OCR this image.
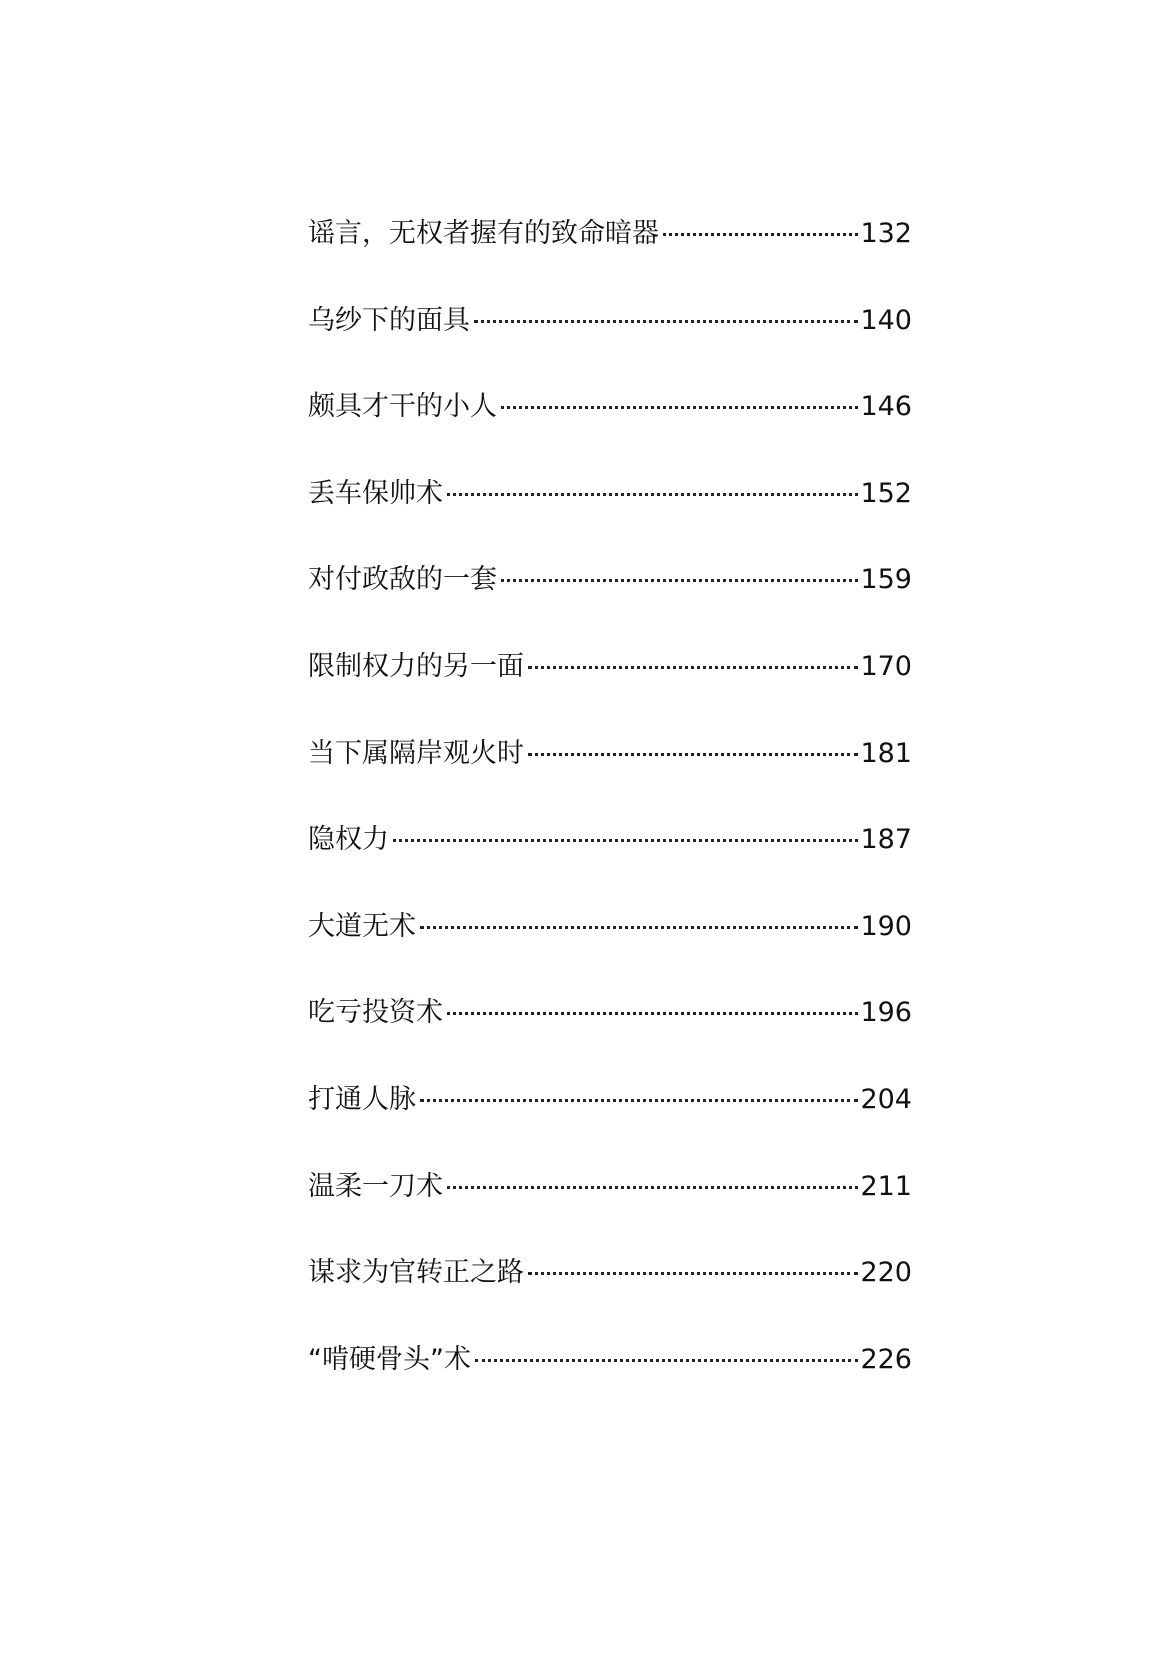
谣言，无权者握有的致命暗器	132
乌纱下的面具	140
颇具才干的小人	146
丢车保帅术	152
对付政敌的一套	159
限制权力的另一面	170
当下属隔岸观火时	181
隐权力	187
大道无术	190
吃亏投资术	196
打通人脉	204
温柔一刀术	211
谋求为官转正之路	220
“啃硬骨头”术	226
